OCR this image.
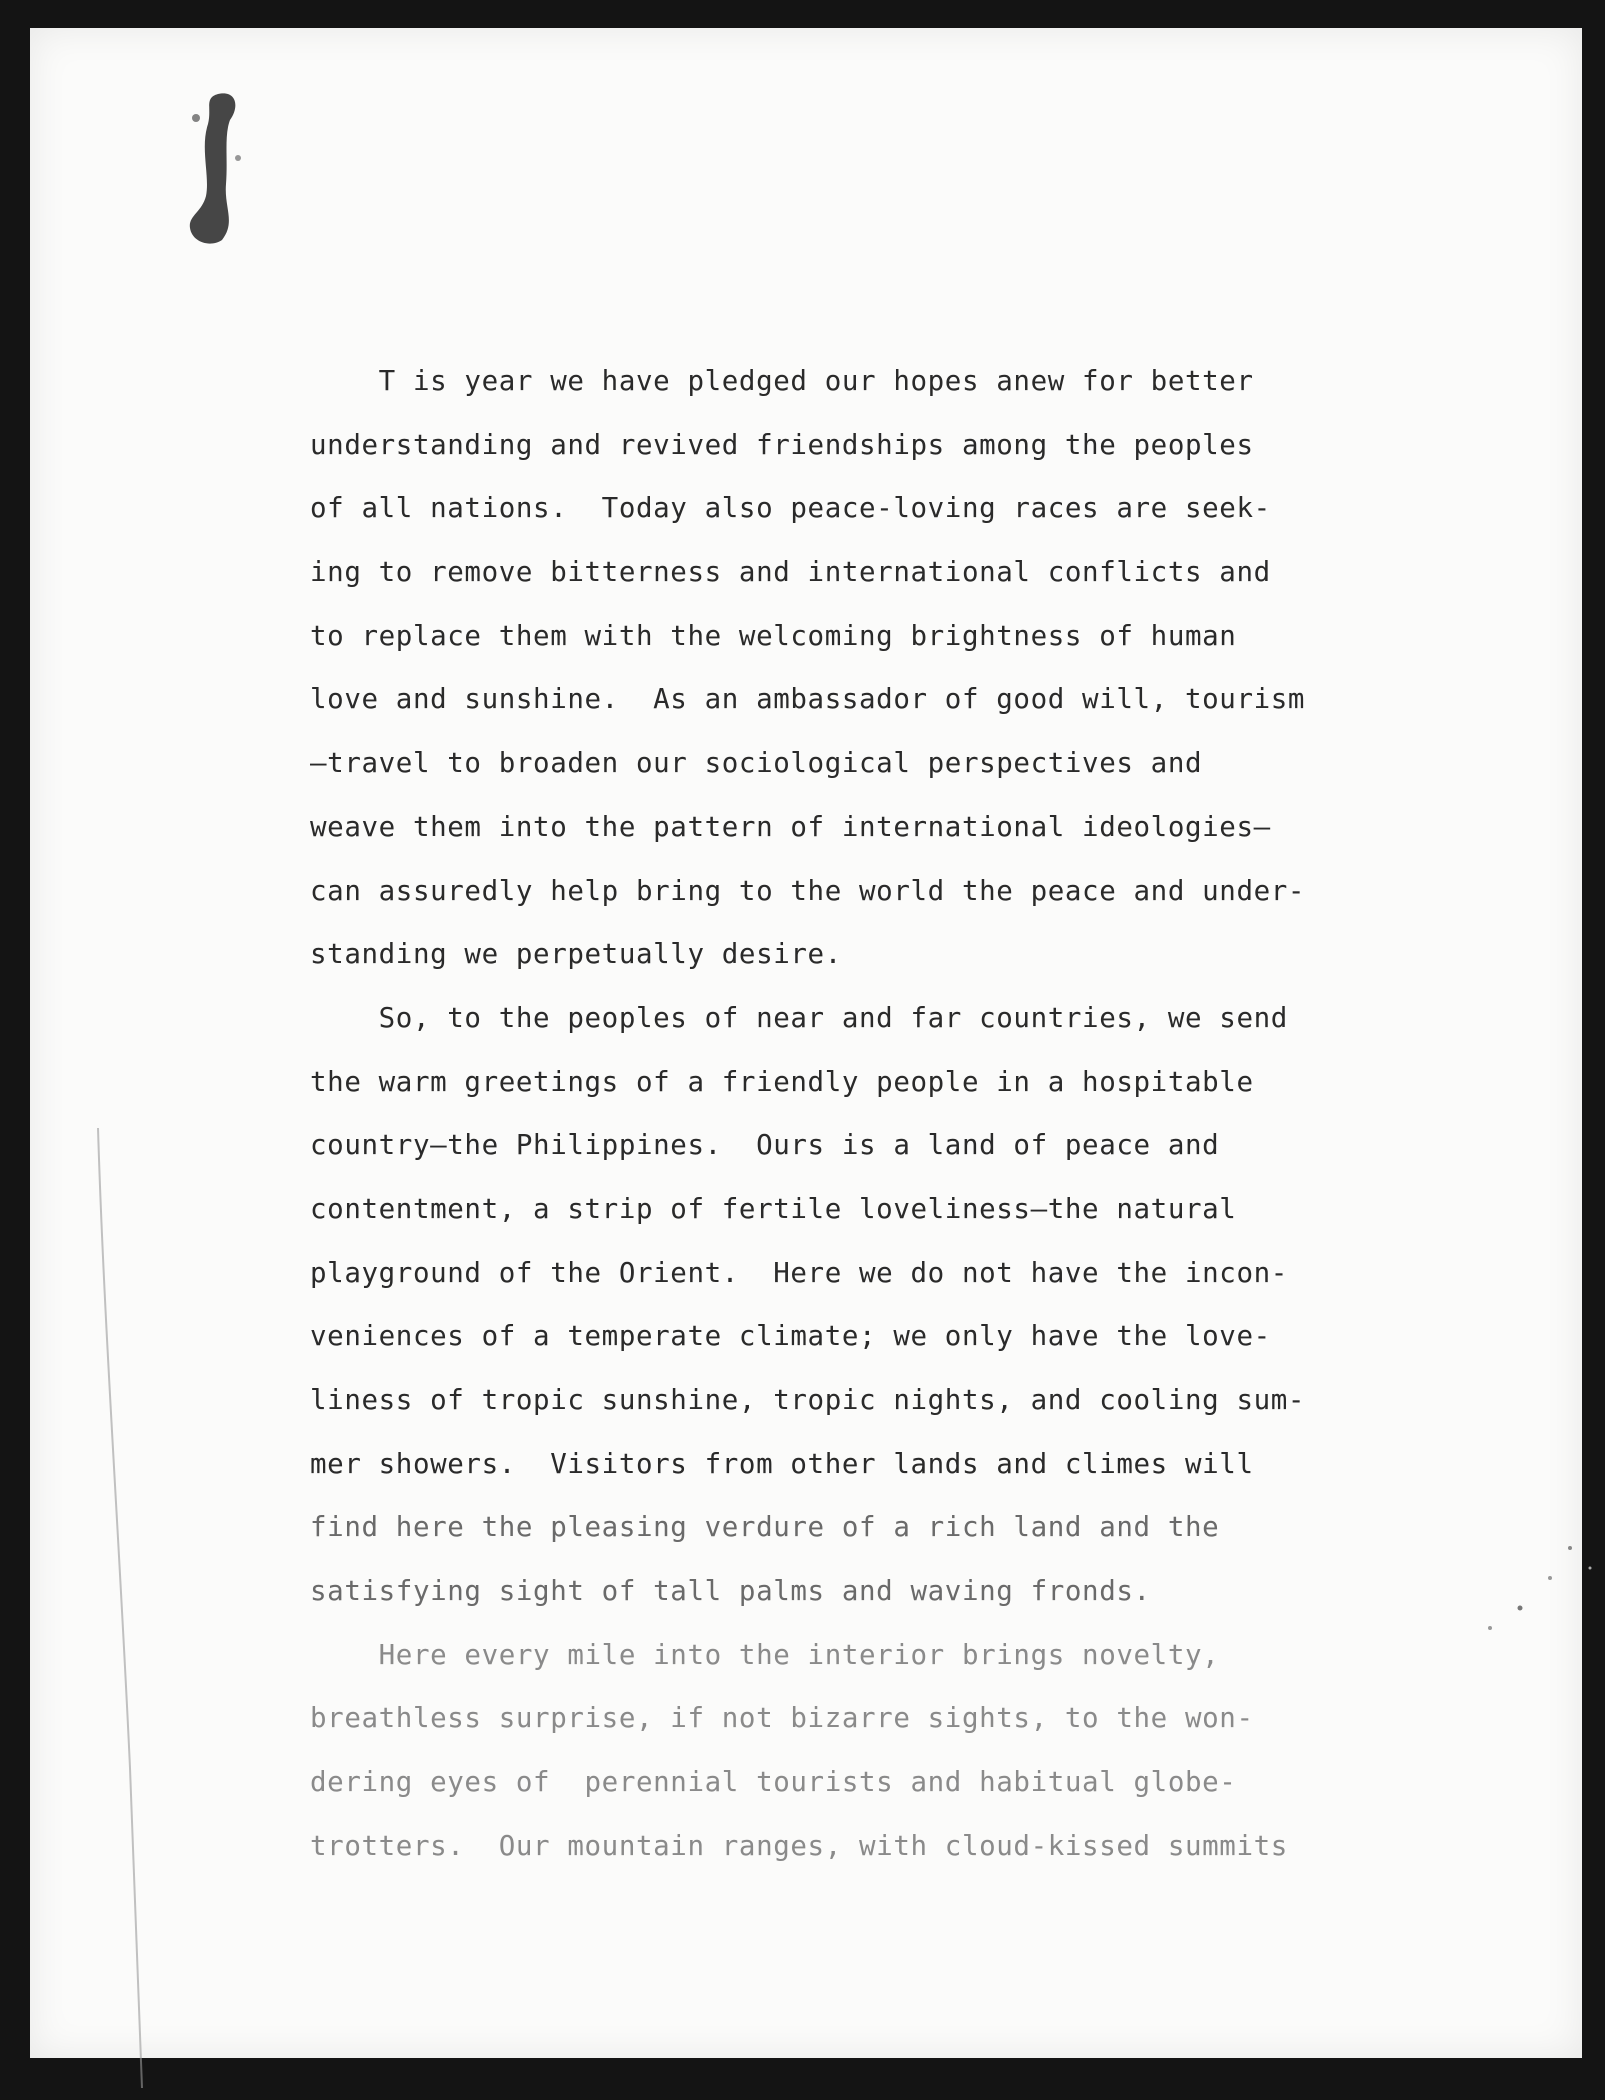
T is year we have pledged our hopes anew for better
understanding and revived friendships among the peoples
of all nations.  Today also peace-loving races are seek-
ing to remove bitterness and international conflicts and
to replace them with the welcoming brightness of human
love and sunshine.  As an ambassador of good will, tourism
—travel to broaden our sociological perspectives and
weave them into the pattern of international ideologies—
can assuredly help bring to the world the peace and under-
standing we perpetually desire.
So, to the peoples of near and far countries, we send
the warm greetings of a friendly people in a hospitable
country—the Philippines.  Ours is a land of peace and
contentment, a strip of fertile loveliness—the natural
playground of the Orient.  Here we do not have the incon-
veniences of a temperate climate; we only have the love-
liness of tropic sunshine, tropic nights, and cooling sum-
mer showers.  Visitors from other lands and climes will
find here the pleasing verdure of a rich land and the
satisfying sight of tall palms and waving fronds.
Here every mile into the interior brings novelty,
breathless surprise, if not bizarre sights, to the won-
dering eyes of  perennial tourists and habitual globe-
trotters.  Our mountain ranges, with cloud-kissed summits
